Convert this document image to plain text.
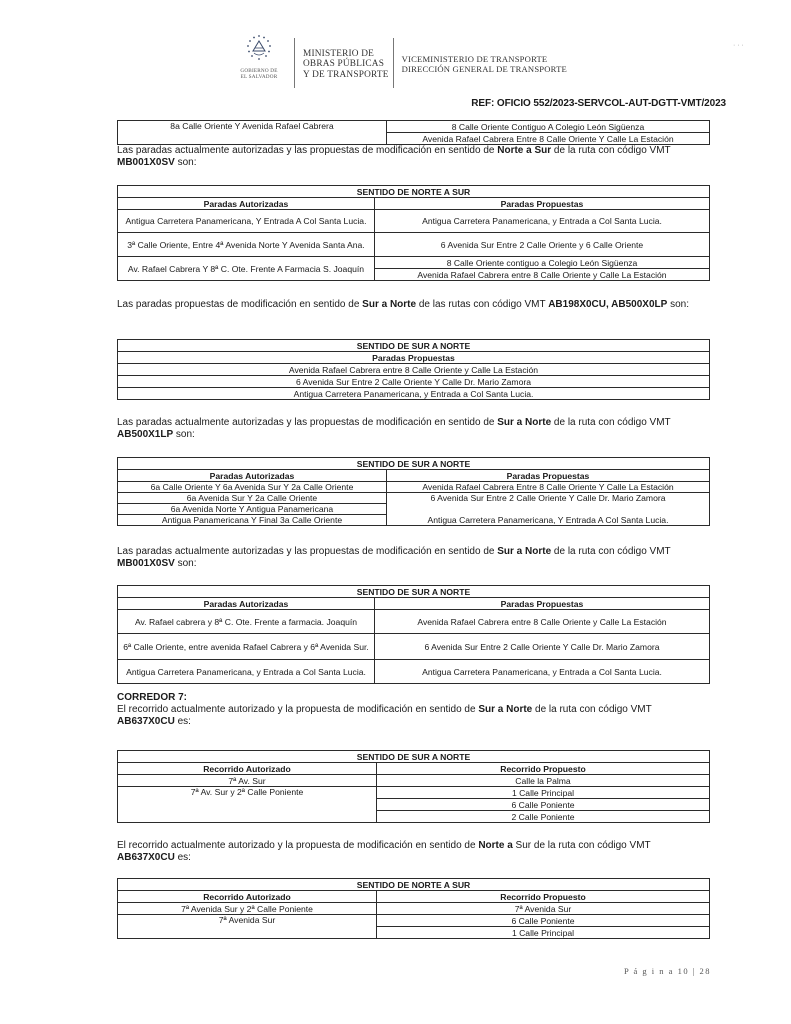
GOBIERNO DE
EL SALVADOR
MINISTERIO DE
OBRAS PÚBLICAS
Y DE TRANSPORTE
VICEMINISTERIO DE TRANSPORTE
DIRECCIÓN GENERAL DE TRANSPORTE
· · ·
REF: OFICIO 552/2023-SERVCOL-AUT-DGTT-VMT/2023
8a Calle Oriente Y Avenida Rafael Cabrera	8 Calle Oriente Contiguo A Colegio León Sigüenza
Avenida Rafael Cabrera Entre 8 Calle Oriente Y Calle La Estación
Las paradas actualmente autorizadas y las propuestas de modificación en sentido de Norte a Sur de la ruta con código VMT MB001X0SV son:
SENTIDO DE NORTE A SUR	
Paradas Autorizadas	Paradas Propuestas
Antigua Carretera Panamericana, Y Entrada A Col Santa Lucia.	Antigua Carretera Panamericana, y Entrada a Col Santa Lucia.
3ª Calle Oriente, Entre 4ª Avenida Norte Y Avenida Santa Ana.	6 Avenida Sur Entre 2 Calle Oriente y 6 Calle Oriente
Av. Rafael Cabrera Y 8ª C. Ote. Frente A Farmacia S. Joaquín	8 Calle Oriente contiguo a Colegio León Sigüenza
	Avenida Rafael Cabrera entre 8 Calle Oriente y Calle La Estación
Las paradas propuestas de modificación en sentido de Sur a Norte de las rutas con código VMT AB198X0CU, AB500X0LP son:
SENTIDO DE SUR A NORTE
Paradas Propuestas
Avenida Rafael Cabrera entre 8 Calle Oriente y Calle La Estación
6 Avenida Sur Entre 2 Calle Oriente Y Calle Dr. Mario Zamora
Antigua Carretera Panamericana, y Entrada a Col Santa Lucia.
Las paradas actualmente autorizadas y las propuestas de modificación en sentido de Sur a Norte de la ruta con código VMT AB500X1LP son:
SENTIDO DE SUR A NORTE	
Paradas Autorizadas	Paradas Propuestas
6a Calle Oriente Y 6a Avenida Sur Y 2a Calle Oriente	Avenida Rafael Cabrera Entre 8 Calle Oriente Y Calle La Estación
6a Avenida Sur Y 2a Calle Oriente	6 Avenida Sur Entre 2 Calle Oriente Y Calle Dr. Mario Zamora
6a Avenida Norte Y Antigua Panamericana	
Antigua Panamericana Y Final 3a Calle Oriente	Antigua Carretera Panamericana, Y Entrada A Col Santa Lucia.
Las paradas actualmente autorizadas y las propuestas de modificación en sentido de Sur a Norte de la ruta con código VMT MB001X0SV son:
SENTIDO DE SUR A NORTE	
Paradas Autorizadas	Paradas Propuestas
Av. Rafael cabrera y 8ª C. Ote. Frente a farmacia. Joaquín	Avenida Rafael Cabrera entre 8 Calle Oriente y Calle La Estación
6ª Calle Oriente, entre avenida Rafael Cabrera y 6ª Avenida Sur.	6 Avenida Sur Entre 2 Calle Oriente Y Calle Dr. Mario Zamora
Antigua Carretera Panamericana, y Entrada a Col Santa Lucia.	Antigua Carretera Panamericana, y Entrada a Col Santa Lucia.
CORREDOR 7:
El recorrido actualmente autorizado y la propuesta de modificación en sentido de Sur a Norte de la ruta con código VMT AB637X0CU es:
SENTIDO DE SUR A NORTE	
Recorrido Autorizado	Recorrido Propuesto
7ª Av. Sur	Calle la Palma
7ª Av. Sur y 2ª Calle Poniente	1 Calle Principal
	6 Calle Poniente
	2 Calle Poniente
El recorrido actualmente autorizado y la propuesta de modificación en sentido de Norte a Sur de la ruta con código VMT AB637X0CU es:
SENTIDO DE NORTE A SUR	
Recorrido Autorizado	Recorrido Propuesto
7ª Avenida Sur y 2ª Calle Poniente	7ª Avenida Sur
7ª Avenida Sur	6 Calle Poniente
	1 Calle Principal
P á g i n a 10 | 28
